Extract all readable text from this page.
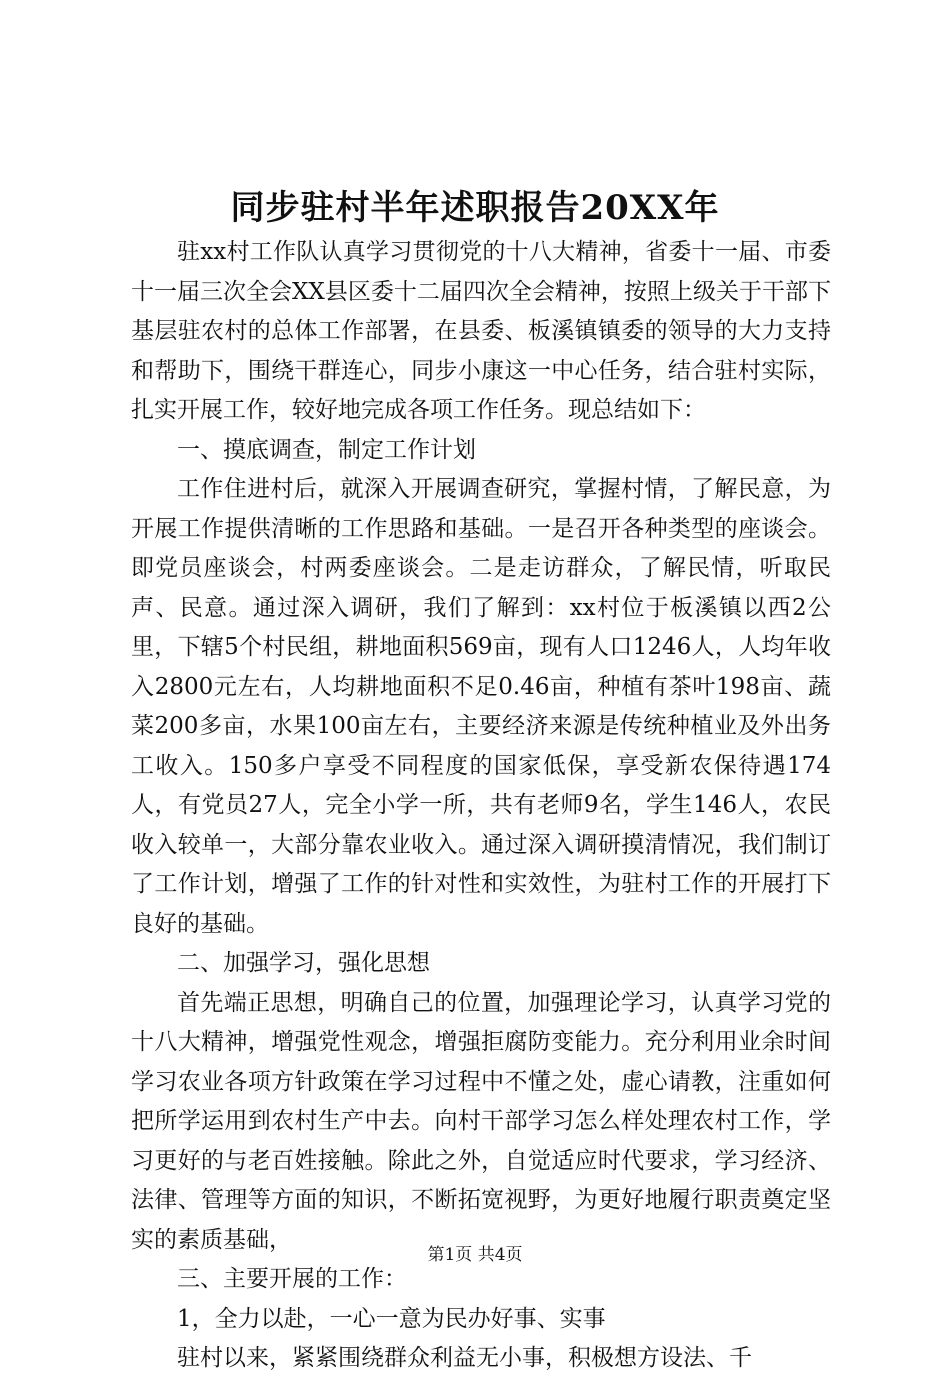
同步驻村半年述职报告20XX年

驻xx村工作队认真学习贯彻党的十八大精神，省委十一届、市委十一届三次全会XX县区委十二届四次全会精神，按照上级关于干部下基层驻农村的总体工作部署，在县委、板溪镇镇委的领导的大力支持和帮助下，围绕干群连心，同步小康这一中心任务，结合驻村实际，扎实开展工作，较好地完成各项工作任务。现总结如下：

一、摸底调查，制定工作计划

工作住进村后，就深入开展调查研究，掌握村情，了解民意，为开展工作提供清晰的工作思路和基础。一是召开各种类型的座谈会。即党员座谈会，村两委座谈会。二是走访群众，了解民情，听取民声、民意。通过深入调研，我们了解到：xx村位于板溪镇以西2公里，下辖5个村民组，耕地面积569亩，现有人口1246人，人均年收入2800元左右，人均耕地面积不足0.46亩，种植有茶叶198亩、蔬菜200多亩，水果100亩左右，主要经济来源是传统种植业及外出务工收入。150多户享受不同程度的国家低保，享受新农保待遇174人，有党员27人，完全小学一所，共有老师9名，学生146人，农民收入较单一，大部分靠农业收入。通过深入调研摸清情况，我们制订了工作计划，增强了工作的针对性和实效性，为驻村工作的开展打下良好的基础。

二、加强学习，强化思想

首先端正思想，明确自己的位置，加强理论学习，认真学习党的十八大精神，增强党性观念，增强拒腐防变能力。充分利用业余时间学习农业各项方针政策在学习过程中不懂之处，虚心请教，注重如何把所学运用到农村生产中去。向村干部学习怎么样处理农村工作，学习更好的与老百姓接触。除此之外，自觉适应时代要求，学习经济、法律、管理等方面的知识，不断拓宽视野，为更好地履行职责奠定坚实的素质基础，

三、主要开展的工作：

1，全力以赴，一心一意为民办好事、实事

驻村以来，紧紧围绕群众利益无小事，积极想方设法、千

第1页 共4页
